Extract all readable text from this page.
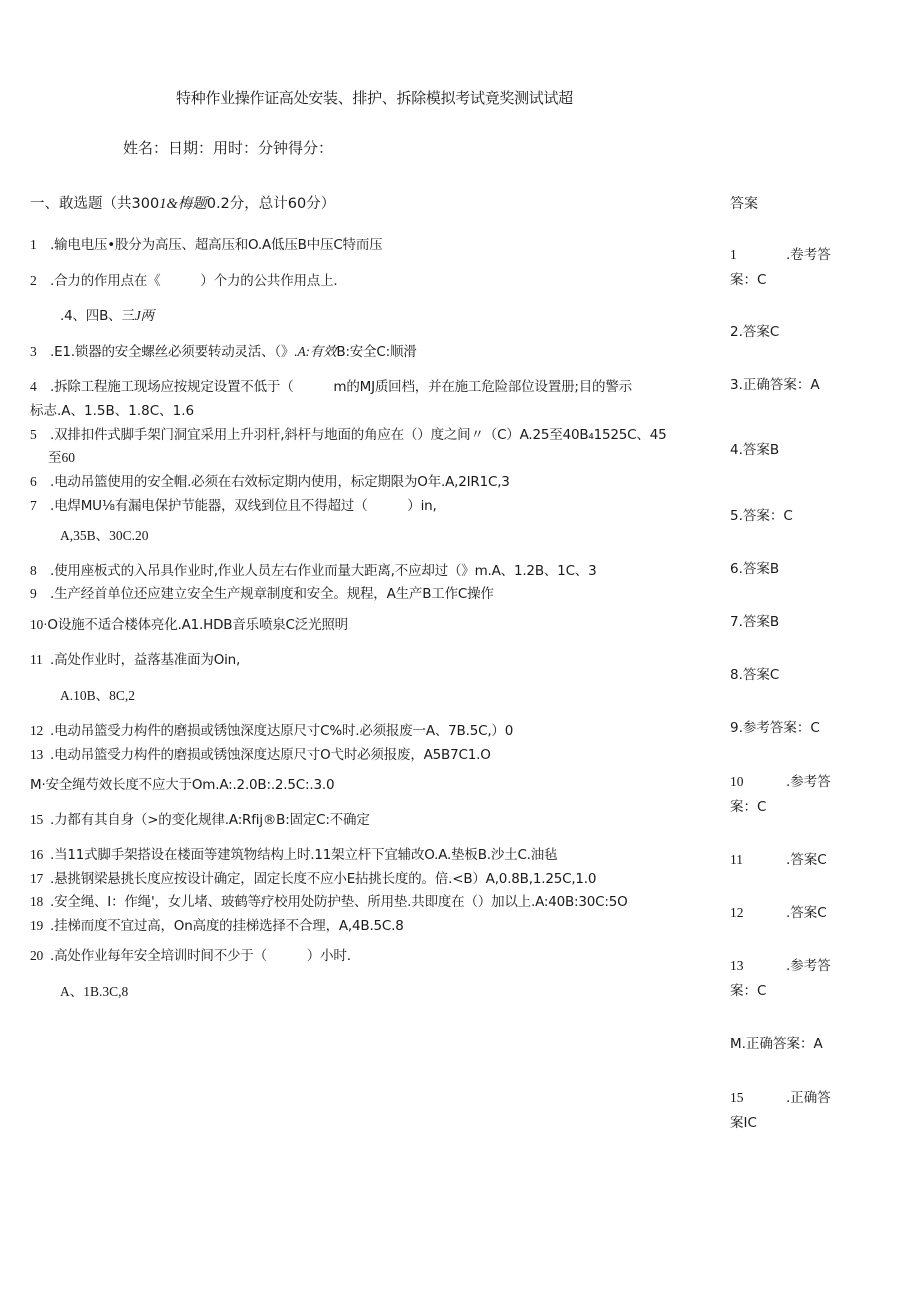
特种作业操作证高处安装、排护、拆除模拟考试竟奖测试试超
姓名：日期：用时：分钟得分：
一、敢选题（共3001&梅题0.2分，总计60分）
1 .输电电压•股分为高压、超高压和O.A低压B中压C特而压
2 .合力的作用点在《　　　）个力的公共作用点上.
.4、四B、三J两
3 .E1.锁器的安全螺丝必须要转动灵活、（》.A:有效B:安全C:顺滑
4 .拆除工程施工现场应按规定设置不低于（　　　m的MJ质回档，并在施工危险部位设置册;目的警示
标志.A、1.5B、1.8C、1.6
5 .双排扣件式脚手架门洞宜采用上升羽杆,斜杆与地面的角应在（）度之间〃（C）A.25至40B₄1525C、45
至60
6 .电动吊篮使用的安全帽.必须在右效标定期内使用，标定期限为O年.A,2IR1C,3
7 .电焊MU⅛有漏电保护节能器，双线到位且不得超过（　　　）in,
A,35B、30C.20
8 .使用座板式的入吊具作业时,作业人员左右作业而量大距离,不应却过（》m.A、1.2B、1C、3
9 .生产经首单位还应建立安全生产规章制度和安全。规程，A生产B工作C操作
10·O设施不适合楼体亮化.A1.HDB音乐喷泉C泛光照明
11 .高处作业时，益落基准面为Oin,
A.10B、8C,2
12 .电动吊篮受力构件的磨损或锈蚀深度达原尺寸C%时.必须报废一A、7B.5C,）0
13 .电动吊篮受力构件的磨损或锈蚀深度达原尺寸O弋时必须报废，A5B7C1.O
M·安全绳芍效长度不应大于Om.A:.2.0B:.2.5C:.3.0
15 .力都有其自身（>的变化规律.A:Rfij®B:固定C:不确定
16 .当11式脚手架搭设在楼面等建筑物结构上时.11架立杆下宜辅改O.A.垫板B.沙土C.油毡
17 .悬挑钢梁悬挑长度应按设计确定，固定长度不应小E拈挑长度的。倍.<B）A,0.8B,1.25C,1.0
18 .安全绳、I：作绳'，女儿堵、玻鹤等疗校用处防护垫、所用垫.共即度在（）加以上.A:40B:30C:5O
19 .挂梯而度不宜过高，On高度的挂梯选择不合理，A,4B.5C.8
20 .高处作业每年安全培训时间不少于（　　　）小时.
A、1B.3C,8
答案
1	.卷考答
案：C
2.答案C
3.正确答案：A
4.答案B
5.答案：C
6.答案B
7.答案B
8.答案C
9.参考答案：C
10	.参考答
案：C
11	.答案C
12	.答案C
13	.参考答
案：C
M.正确答案：A
15	.正确答
案IC
